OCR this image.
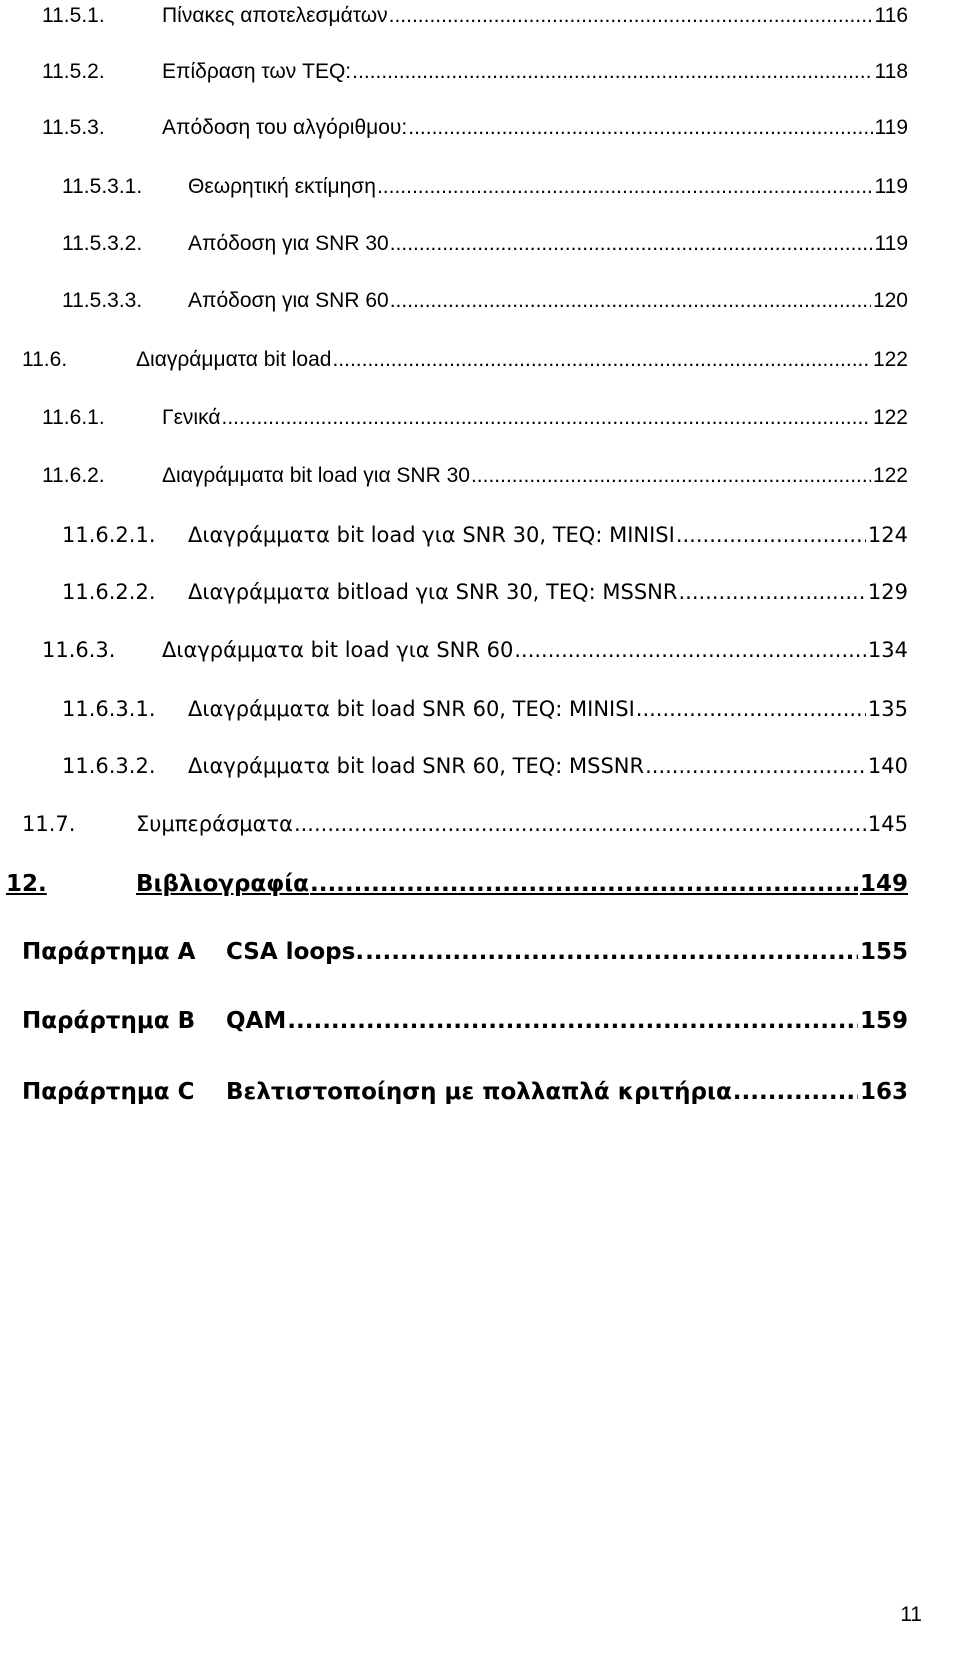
11.5.1.	Πίνακες αποτελεσμάτων .....	116
11.5.2.	Επίδραση των TEQ: .....	118
11.5.3.	Απόδοση του αλγόριθμου: .....	119
11.5.3.1. Θεωρητική εκτίμηση .....	119
11.5.3.2. Απόδοση για SNR 30 .....	119
11.5.3.3. Απόδοση για SNR 60 .....	120
11.6.	Διαγράμματα bit load .....	122
11.6.1.	Γενικά .....	122
11.6.2.	Διαγράμματα bit load για SNR 30 .....	122
11.6.2.1. Διαγράμματα bit load για SNR 30, TEQ: MINISI .....	124
11.6.2.2. Διαγράμματα bitload για SNR 30, TEQ: MSSNR .....	129
11.6.3. Διαγράμματα bit load για SNR 60 .....	134
11.6.3.1. Διαγράμματα bit load SNR 60, TEQ: MINISI .....	135
11.6.3.2. Διαγράμματα bit load SNR 60, TEQ: MSSNR .....	140
11.7.	Συμπεράσματα .....	145
12.	Βιβλιογραφία .....	149
Παράρτημα A CSA loops. .....	155
Παράρτημα B QAM .....	159
Παράρτημα C Βελτιστοποίηση με πολλαπλά κριτήρια .....	163
11
